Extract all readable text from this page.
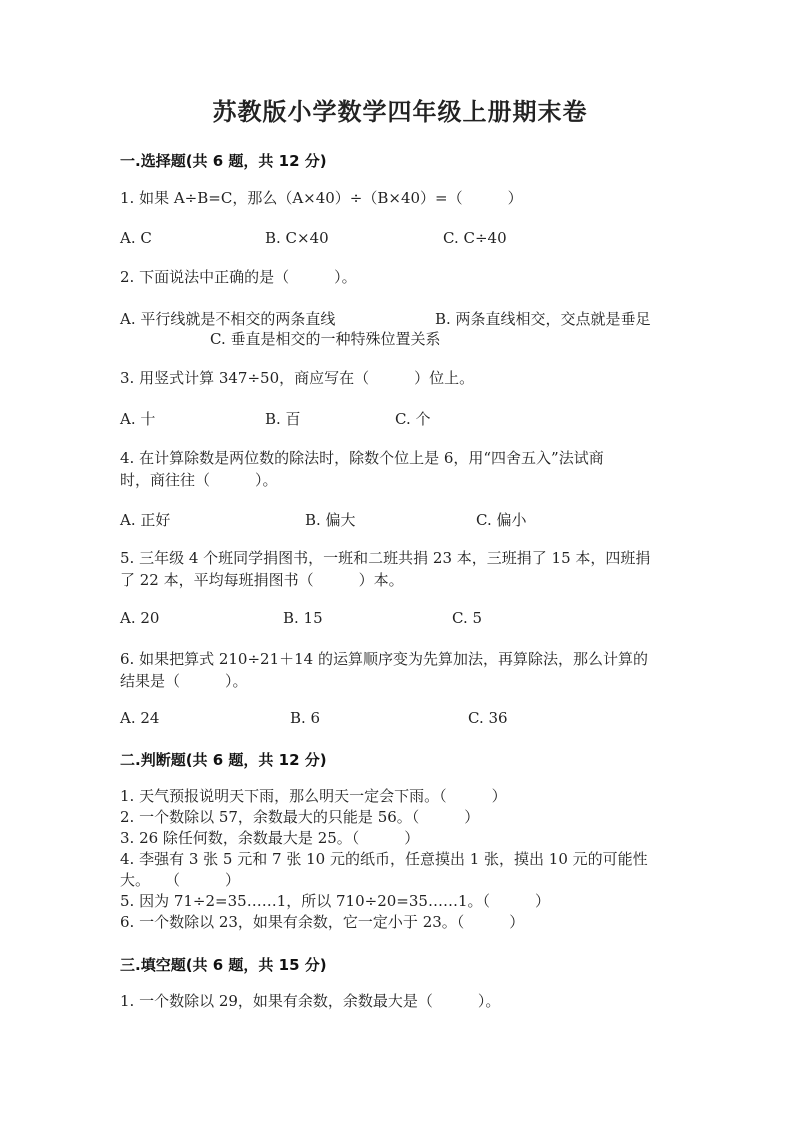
苏教版小学数学四年级上册期末卷
一.选择题(共 6 题，共 12 分)
1. 如果 A÷B=C，那么（A×40）÷（B×40）=（　　　）
A. C	B. C×40	C. C÷40
2. 下面说法中正确的是（　　　）。
A. 平行线就是不相交的两条直线	B. 两条直线相交，交点就是垂足
C. 垂直是相交的一种特殊位置关系
3. 用竖式计算 347÷50，商应写在（　　　）位上。
A. 十	B. 百	C. 个
4. 在计算除数是两位数的除法时，除数个位上是 6，用“四舍五入”法试商
时，商往往（　　　）。
A. 正好	B. 偏大	C. 偏小
5. 三年级 4 个班同学捐图书，一班和二班共捐 23 本，三班捐了 15 本，四班捐
了 22 本，平均每班捐图书（　　　）本。
A. 20	B. 15	C. 5
6. 如果把算式 210÷21＋14 的运算顺序变为先算加法，再算除法，那么计算的
结果是（　　　）。
A. 24	B. 6	C. 36
二.判断题(共 6 题，共 12 分)
1. 天气预报说明天下雨，那么明天一定会下雨。（　　　）
2. 一个数除以 57，余数最大的只能是 56。（　　　）
3. 26 除任何数，余数最大是 25。（　　　）
4. 李强有 3 张 5 元和 7 张 10 元的纸币，任意摸出 1 张，摸出 10 元的可能性
大。　　（　　　）
5. 因为 71÷2=35……1，所以 710÷20=35……1。（　　　）
6. 一个数除以 23，如果有余数，它一定小于 23。（　　　）
三.填空题(共 6 题，共 15 分)
1. 一个数除以 29，如果有余数，余数最大是（　　　）。
